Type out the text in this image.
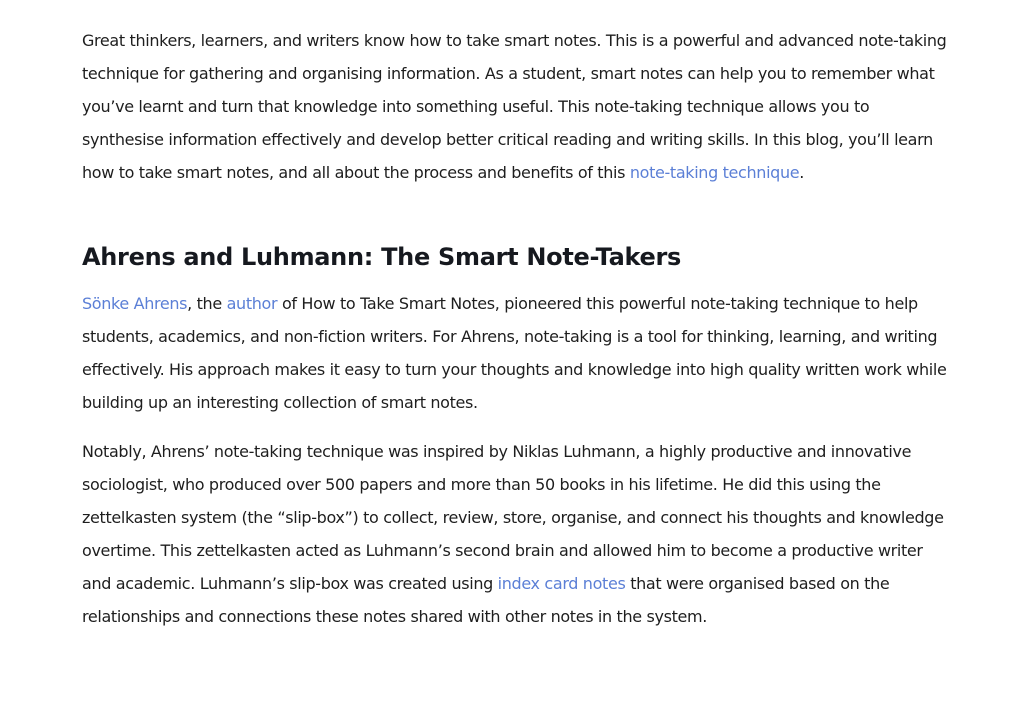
Great thinkers, learners, and writers know how to take smart notes. This is a powerful and advanced note-taking technique for gathering and organising information. As a student, smart notes can help you to remember what you’ve learnt and turn that knowledge into something useful. This note-taking technique allows you to synthesise information effectively and develop better critical reading and writing skills. In this blog, you’ll learn how to take smart notes, and all about the process and benefits of this note-taking technique.

Ahrens and Luhmann: The Smart Note-Takers

Sönke Ahrens, the author of How to Take Smart Notes, pioneered this powerful note-taking technique to help students, academics, and non-fiction writers. For Ahrens, note-taking is a tool for thinking, learning, and writing effectively. His approach makes it easy to turn your thoughts and knowledge into high quality written work while building up an interesting collection of smart notes.

Notably, Ahrens’ note-taking technique was inspired by Niklas Luhmann, a highly productive and innovative sociologist, who produced over 500 papers and more than 50 books in his lifetime. He did this using the zettelkasten system (the “slip-box”) to collect, review, store, organise, and connect his thoughts and knowledge overtime. This zettelkasten acted as Luhmann’s second brain and allowed him to become a productive writer and academic. Luhmann’s slip-box was created using index card notes that were organised based on the relationships and connections these notes shared with other notes in the system.
